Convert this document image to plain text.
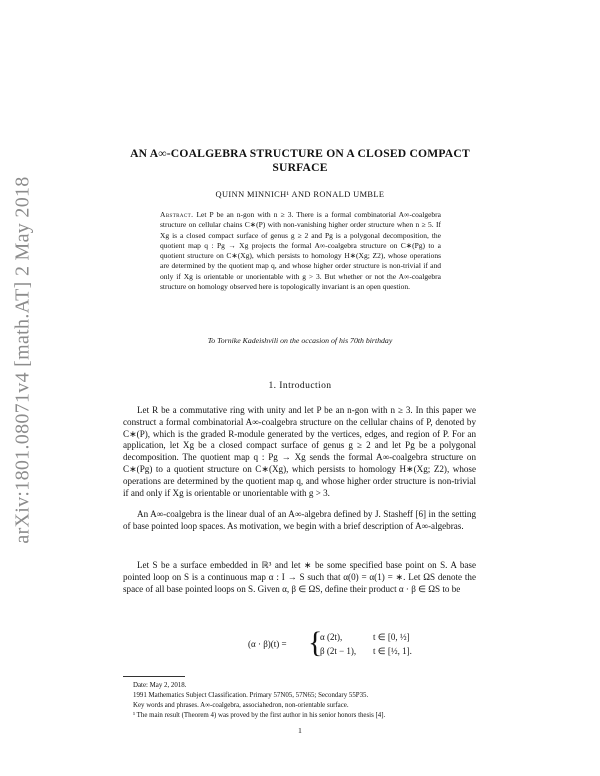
arXiv:1801.08071v4 [math.AT] 2 May 2018
AN A∞-COALGEBRA STRUCTURE ON A CLOSED COMPACT
SURFACE
QUINN MINNICH¹ AND RONALD UMBLE

Abstract. Let P be an n-gon with n ≥ 3. There is a formal combinatorial A∞-coalgebra structure on cellular chains C∗(P) with non-vanishing higher order structure when n ≥ 5. If Xg is a closed compact surface of genus g ≥ 2 and Pg is a polygonal decomposition, the quotient map q : Pg → Xg projects the formal A∞-coalgebra structure on C∗(Pg) to a quotient structure on C∗(Xg), which persists to homology H∗(Xg; Z2), whose operations are determined by the quotient map q, and whose higher order structure is non-trivial if and only if Xg is orientable or unorientable with g > 3. But whether or not the A∞-coalgebra structure on homology observed here is topologically invariant is an open question.

To Tornike Kadeishvili on the occasion of his 70th birthday
1. Introduction

Let R be a commutative ring with unity and let P be an n-gon with n ≥ 3. In this paper we construct a formal combinatorial A∞-coalgebra structure on the cellular chains of P, denoted by C∗(P), which is the graded R-module generated by the vertices, edges, and region of P. For an application, let Xg be a closed compact surface of genus g ≥ 2 and let Pg be a polygonal decomposition. The quotient map q : Pg → Xg sends the formal A∞-coalgebra structure on C∗(Pg) to a quotient structure on C∗(Xg), which persists to homology H∗(Xg; Z2), whose operations are determined by the quotient map q, and whose higher order structure is non-trivial if and only if Xg is orientable or unorientable with g > 3.

An A∞-coalgebra is the linear dual of an A∞-algebra defined by J. Stasheff [6] in the setting of base pointed loop spaces. As motivation, we begin with a brief description of A∞-algebras.

Let S be a surface embedded in ℝ³ and let ∗ be some specified base point on S. A base pointed loop on S is a continuous map α : I → S such that α(0) = α(1) = ∗. Let ΩS denote the space of all base pointed loops on S. Given α, β ∈ ΩS, define their product α · β ∈ ΩS to be

(α · β)(t) = {
α (2t),	t ∈ [0, ½]
β (2t − 1), t ∈ [½, 1].
Date: May 2, 2018.
1991 Mathematics Subject Classification. Primary 57N05, 57N65; Secondary 55P35.
Key words and phrases. A∞-coalgebra, associahedron, non-orientable surface.
¹ The main result (Theorem 4) was proved by the first author in his senior honors thesis [4].
1
